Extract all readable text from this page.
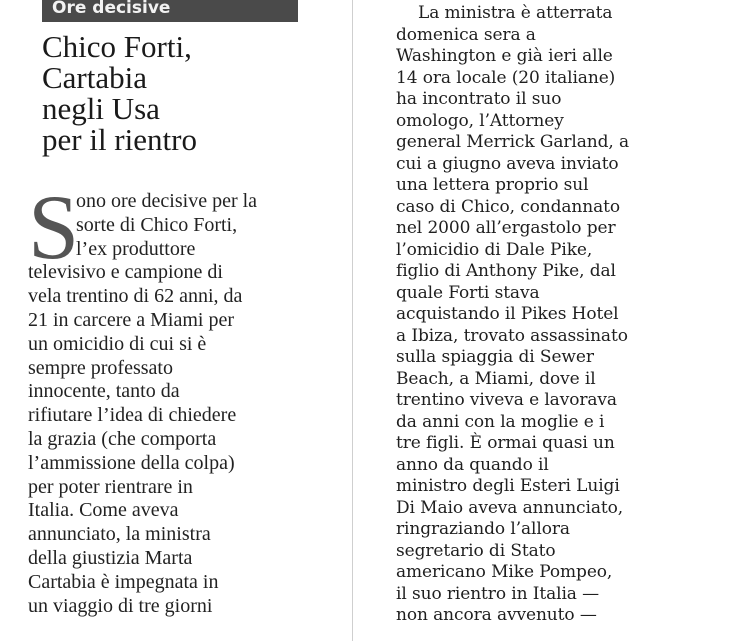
Ore decisive
Chico Forti,
Cartabia
negli Usa
per il rientro
S
ono ore decisive per la
sorte di Chico Forti,
l’ex produttore
televisivo e campione di
vela trentino di 62 anni, da
21 in carcere a Miami per
un omicidio di cui si è
sempre professato
innocente, tanto da
rifiutare l’idea di chiedere
la grazia (che comporta
l’ammissione della colpa)
per poter rientrare in
Italia. Come aveva
annunciato, la ministra
della giustizia Marta
Cartabia è impegnata in
un viaggio di tre giorni
La ministra è atterrata
domenica sera a
Washington e già ieri alle
14 ora locale (20 italiane)
ha incontrato il suo
omologo, l’Attorney
general Merrick Garland, a
cui a giugno aveva inviato
una lettera proprio sul
caso di Chico, condannato
nel 2000 all’ergastolo per
l’omicidio di Dale Pike,
figlio di Anthony Pike, dal
quale Forti stava
acquistando il Pikes Hotel
a Ibiza, trovato assassinato
sulla spiaggia di Sewer
Beach, a Miami, dove il
trentino viveva e lavorava
da anni con la moglie e i
tre figli. È ormai quasi un
anno da quando il
ministro degli Esteri Luigi
Di Maio aveva annunciato,
ringraziando l’allora
segretario di Stato
americano Mike Pompeo,
il suo rientro in Italia —
non ancora avvenuto —
